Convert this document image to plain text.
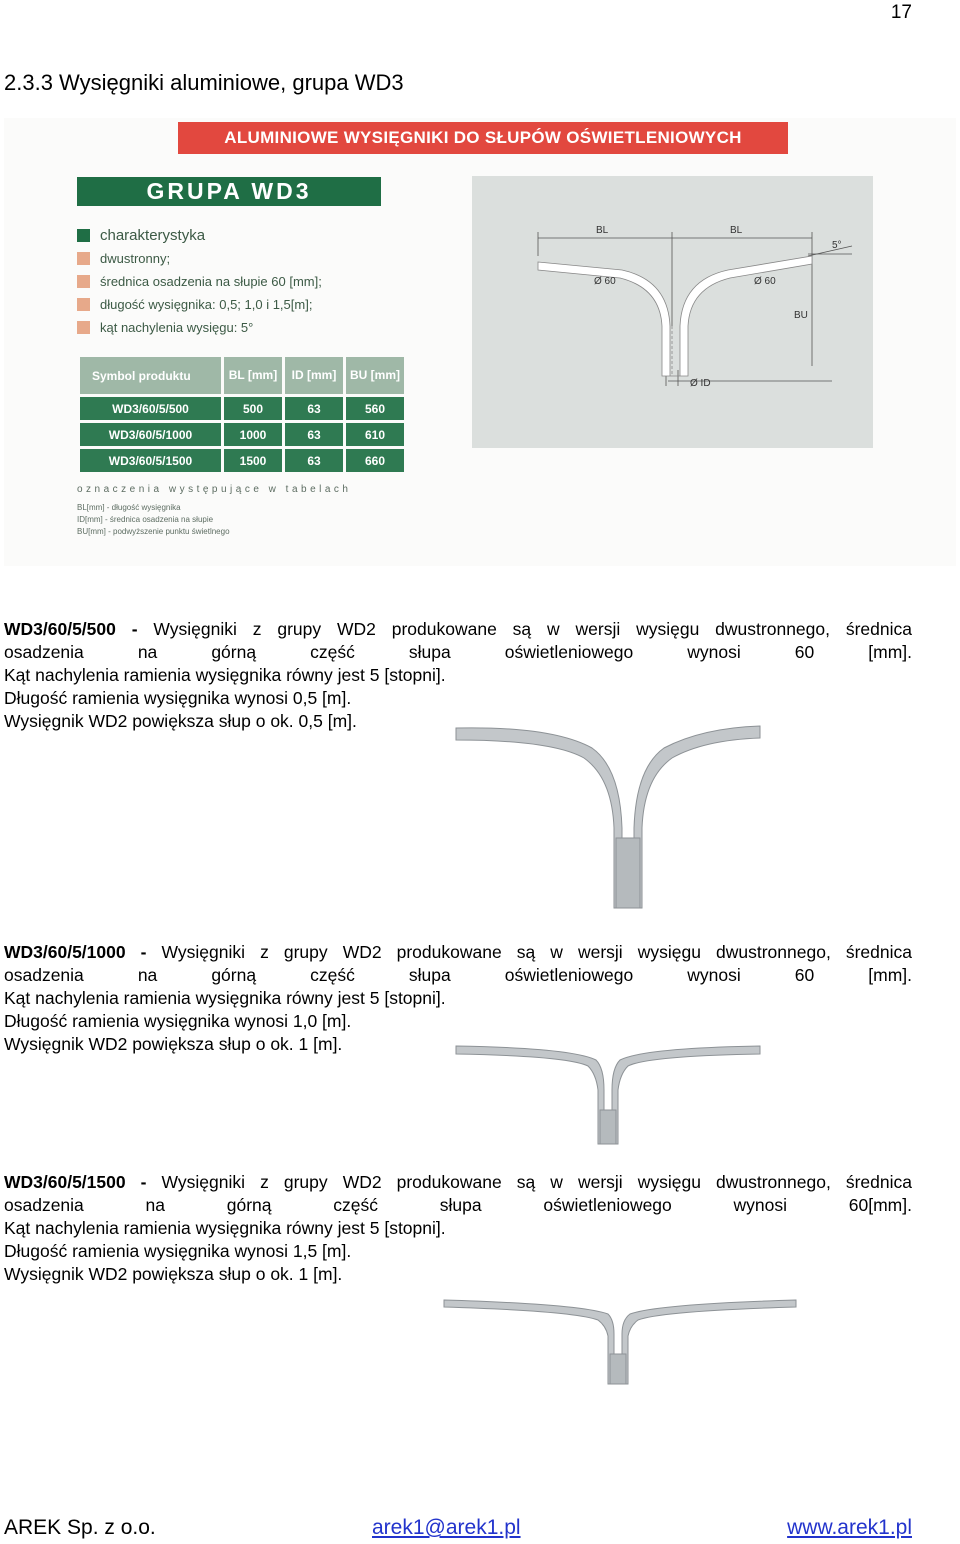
17
2.3.3 Wysięgniki aluminiowe, grupa WD3
ALUMINIOWE WYSIĘGNIKI DO SŁUPÓW OŚWIETLENIOWYCH
GRUPA WD3
charakterystyka
dwustronny;
średnica osadzenia na słupie 60 [mm];
długość wysięgnika: 0,5; 1,0 i 1,5[m];
kąt nachylenia wysięgu: 5°
Symbol produktu	BL [mm]	ID [mm]	BU [mm]
WD3/60/5/500	500	63	560
WD3/60/5/1000	1000	63	610
WD3/60/5/1500	1500	63	660
oznaczenia występujące w tabelach
BL[mm] - długość wysięgnika
ID[mm] - średnica osadzenia na słupie
BU[mm] - podwyższenie punktu świetlnego
BL	BL
5°
Ø 60	Ø 60
BU
Ø ID
WD3/60/5/500 - Wysięgniki z grupy WD2 produkowane są w wersji wysięgu dwustronnego, średnica
osadzenia na górną część słupa oświetleniowego wynosi 60 [mm].
Kąt nachylenia ramienia wysięgnika równy jest 5 [stopni].
Długość ramienia wysięgnika wynosi 0,5 [m].
Wysięgnik WD2 powiększa słup o ok. 0,5 [m].
WD3/60/5/1000 - Wysięgniki z grupy WD2 produkowane są w wersji wysięgu dwustronnego, średnica
osadzenia na górną część słupa oświetleniowego wynosi 60 [mm].
Kąt nachylenia ramienia wysięgnika równy jest 5 [stopni].
Długość ramienia wysięgnika wynosi 1,0 [m].
Wysięgnik WD2 powiększa słup o ok. 1 [m].
WD3/60/5/1500 - Wysięgniki z grupy WD2 produkowane są w wersji wysięgu dwustronnego, średnica
osadzenia na górną część słupa oświetleniowego wynosi 60[mm].
Kąt nachylenia ramienia wysięgnika równy jest 5 [stopni].
Długość ramienia wysięgnika wynosi 1,5 [m].
Wysięgnik WD2 powiększa słup o ok. 1 [m].
AREK Sp. z o.o.	arek1@arek1.pl	www.arek1.pl
